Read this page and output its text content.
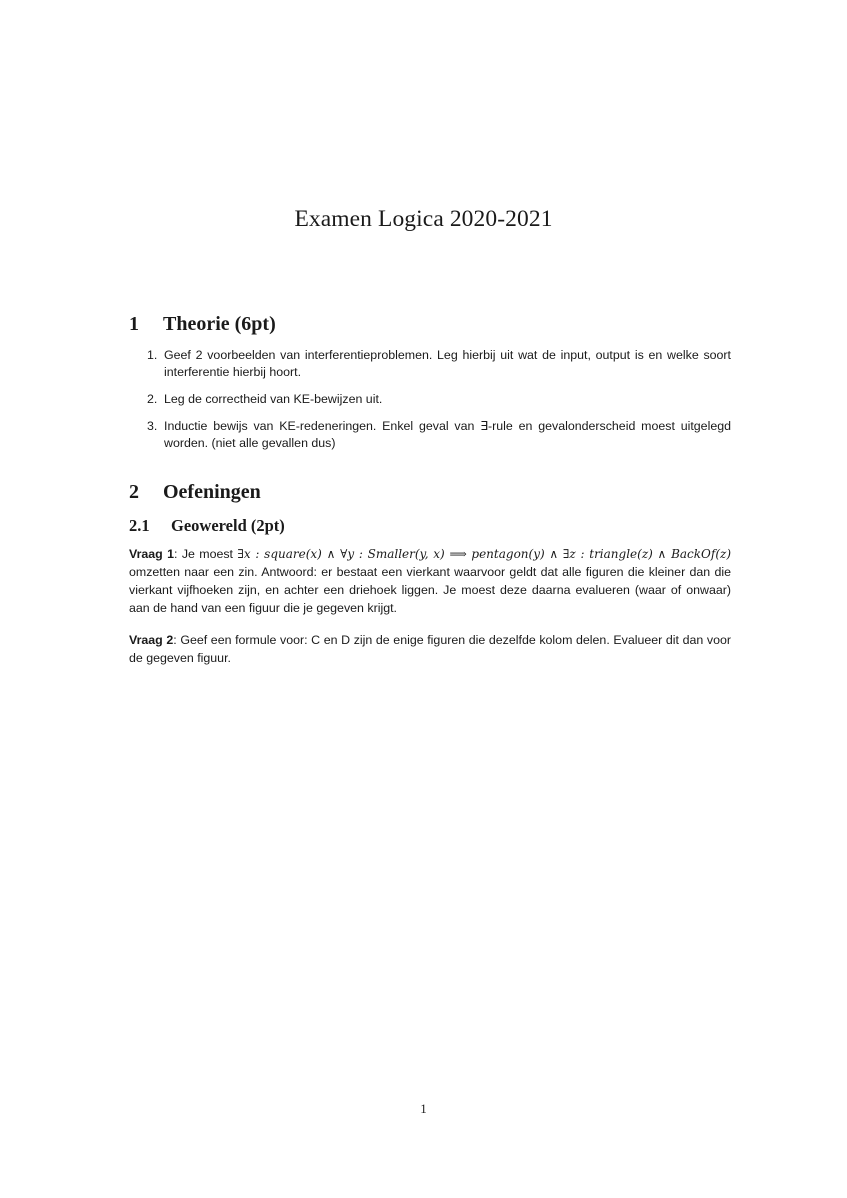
Examen Logica 2020-2021
1 Theorie (6pt)
1. Geef 2 voorbeelden van interferentieproblemen. Leg hierbij uit wat de input, output is en welke soort interferentie hierbij hoort.
2. Leg de correctheid van KE-bewijzen uit.
3. Inductie bewijs van KE-redeneringen. Enkel geval van ∃-rule en gevalonderscheid moest uitgelegd worden. (niet alle gevallen dus)
2 Oefeningen
2.1 Geowereld (2pt)

Vraag 1: Je moest ∃x : square(x) ∧ ∀y : Smaller(y, x) ⟹ pentagon(y) ∧ ∃z : triangle(z) ∧ BackOf(z) omzetten naar een zin. Antwoord: er bestaat een vierkant waarvoor geldt dat alle figuren die kleiner dan die vierkant vijfhoeken zijn, en achter een driehoek liggen. Je moest deze daarna evalueren (waar of onwaar) aan de hand van een figuur die je gegeven krijgt.

Vraag 2: Geef een formule voor: C en D zijn de enige figuren die dezelfde kolom delen. Evalueer dit dan voor de gegeven figuur.

1
